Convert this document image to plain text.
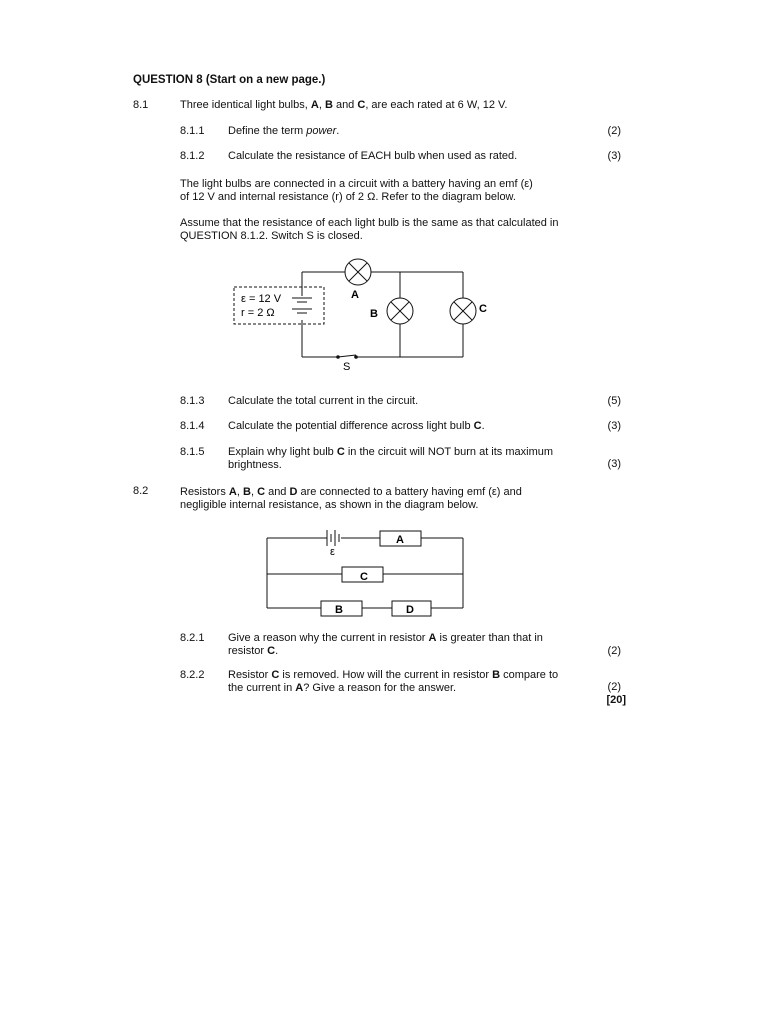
QUESTION 8 (Start on a new page.)
8.1	Three identical light bulbs, A, B and C, are each rated at 6 W, 12 V.
8.1.1 Define the term power.	(2)
8.1.2 Calculate the resistance of EACH bulb when used as rated.	(3)
The light bulbs are connected in a circuit with a battery having an emf (ε)
of 12 V and internal resistance (r) of 2 Ω. Refer to the diagram below.
Assume that the resistance of each light bulb is the same as that calculated in
QUESTION 8.1.2. Switch S is closed.
ε = 12 V
r = 2 Ω
A
B	C
S
8.1.3 Calculate the total current in the circuit.	(5)
8.1.4 Calculate the potential difference across light bulb C.	(3)
8.1.5 Explain why light bulb C in the circuit will NOT burn at its maximum
brightness.	(3)
8.2	Resistors A, B, C and D are connected to a battery having emf (ε) and
negligible internal resistance, as shown in the diagram below.
ε
A
C
B	D
8.2.1 Give a reason why the current in resistor A is greater than that in
resistor C.	(2)
8.2.2 Resistor C is removed. How will the current in resistor B compare to
the current in A? Give a reason for the answer.	(2)
[20]
